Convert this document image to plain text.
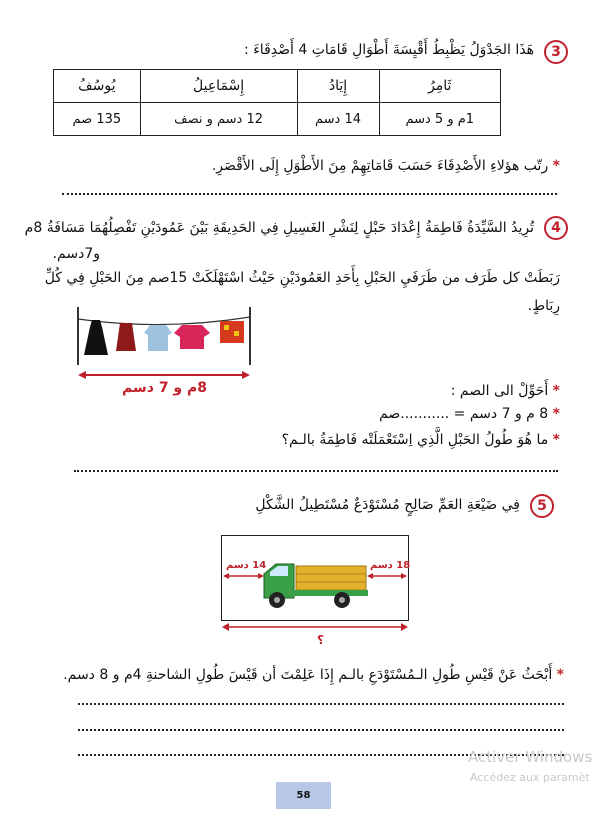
3
هَذَا الجَدْوَلُ يَظْبِطُ أَقْيِسَةَ أَطْوَالِ قَامَاتِ 4 أَصْدِقَاءَ :
ثَامِرُ	إِيَادُ	إِسْمَاعِيلُ	يُوسُفُ
1م و 5 دسم	14 دسم	12 دسم و نصف	135 صم
* رتّب هؤلاءِ الأَصْدِقَاءَ حَسَبَ قَامَاتِهِمْ مِنَ الأَطْوَلِ إِلَى الأَقْصَرِ.
4
تُرِيدُ السَّيِّدَةُ فَاطِمَةُ إِعْدَادَ حَبْلٍ لِنَشْرِ الغَسِيلِ فِي الحَدِيقَةِ بَيْنَ عَمُودَيْنِ تَفْصِلُهُمَا مَسَافَةُ 8م
و7دسم.
رَبَطَتْ كل طَرَف من طَرَفَيِ الحَبْلِ بِأَحَدِ العَمُودَيْنِ حَيْثُ اسْتَهْلَكَتْ 15صم مِنَ الحَبْلِ فِي كُلِّ
رِبَاطٍ.
8م و 7 دسم	* أَحَوِّلْ الى الصم :
* 8 م و 7 دسم = ...........صم
* ما هُوَ طُولُ الحَبْلِ الَّذِي اِسْتَعْمَلَتْه فَاطِمَةُ بالـم؟
5
فِي ضَيْعَةِ العَمِّ صَالِحٍ مُسْتَوْدَعٌ مُسْتَطِيلُ الشَّكْلِ
14 دسم	18 دسم
؟
* أَبْحَثُ عَنْ قَيْسِ طُولِ الـمُسْتَوْدَعِ بالـم إِذَا عَلِمْتَ أن قَيْسَ طُولِ الشاحنةِ 4م و 8 دسم.
Activer Windows
Accédez aux paramèt
58
